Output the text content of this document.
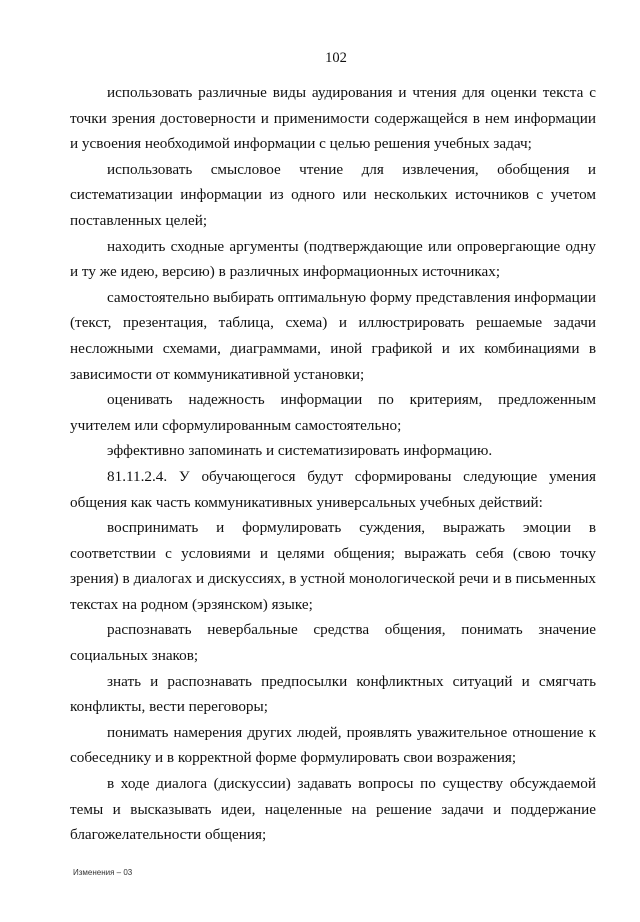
102

использовать различные виды аудирования и чтения для оценки текста с точки зрения достоверности и применимости содержащейся в нем информации и усвоения необходимой информации с целью решения учебных задач;

использовать смысловое чтение для извлечения, обобщения и систематизации информации из одного или нескольких источников с учетом поставленных целей;

находить сходные аргументы (подтверждающие или опровергающие одну и ту же идею, версию) в различных информационных источниках;

самостоятельно выбирать оптимальную форму представления информации (текст, презентация, таблица, схема) и иллюстрировать решаемые задачи несложными схемами, диаграммами, иной графикой и их комбинациями в зависимости от коммуникативной установки;

оценивать надежность информации по критериям, предложенным учителем или сформулированным самостоятельно;

эффективно запоминать и систематизировать информацию.

81.11.2.4. У обучающегося будут сформированы следующие умения общения как часть коммуникативных универсальных учебных действий:

воспринимать и формулировать суждения, выражать эмоции в соответствии с условиями и целями общения; выражать себя (свою точку зрения) в диалогах и дискуссиях, в устной монологической речи и в письменных текстах на родном (эрзянском) языке;

распознавать невербальные средства общения, понимать значение социальных знаков;

знать и распознавать предпосылки конфликтных ситуаций и смягчать конфликты, вести переговоры;

понимать намерения других людей, проявлять уважительное отношение к собеседнику и в корректной форме формулировать свои возражения;

в ходе диалога (дискуссии) задавать вопросы по существу обсуждаемой темы и высказывать идеи, нацеленные на решение задачи и поддержание благожелательности общения;

Изменения – 03
